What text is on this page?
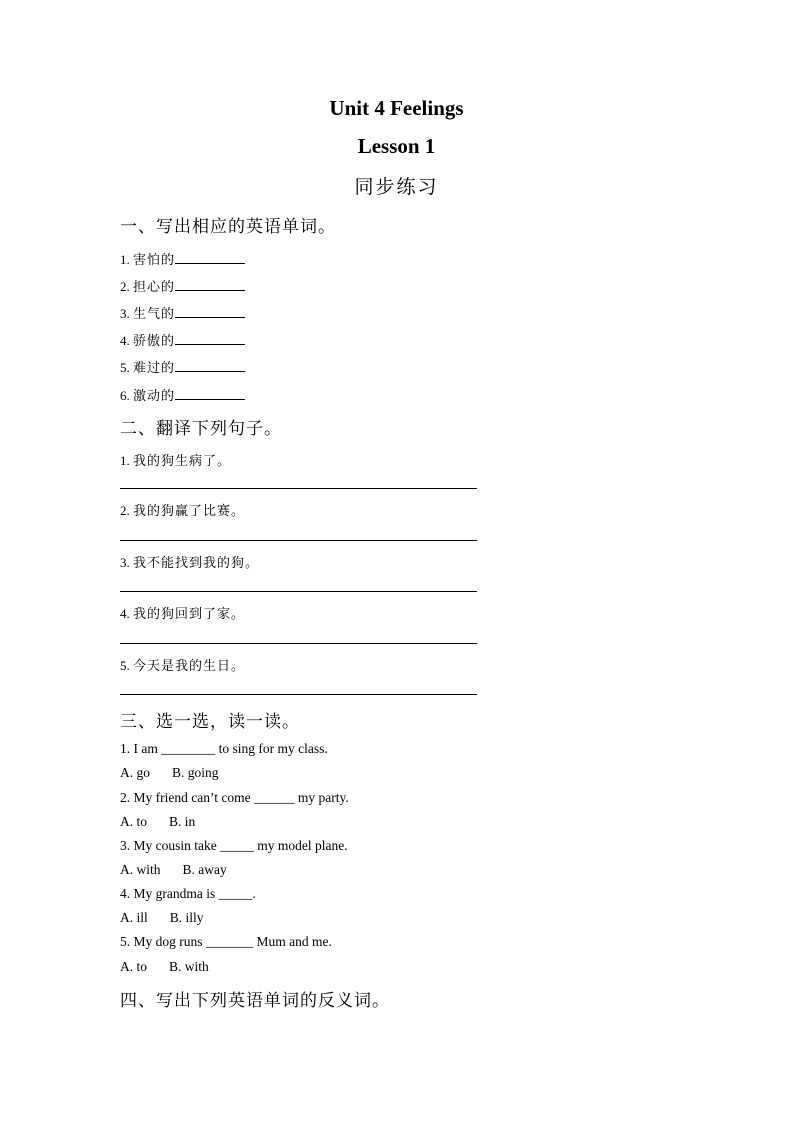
Unit 4 Feelings
Lesson 1
同步练习
一、写出相应的英语单词。
1. 害怕的
2. 担心的
3. 生气的
4. 骄傲的
5. 难过的
6. 激动的
二、翻译下列句子。
1. 我的狗生病了。
2. 我的狗赢了比赛。
3. 我不能找到我的狗。
4. 我的狗回到了家。
5. 今天是我的生日。
三、选一选，读一读。
1. I am ________ to sing for my class.
A. go B. going
2. My friend can’t come ______ my party.
A. to B. in
3. My cousin take _____ my model plane.
A. with B. away
4. My grandma is _____.
A. ill B. illy
5. My dog runs _______ Mum and me.
A. to B. with
四、写出下列英语单词的反义词。
